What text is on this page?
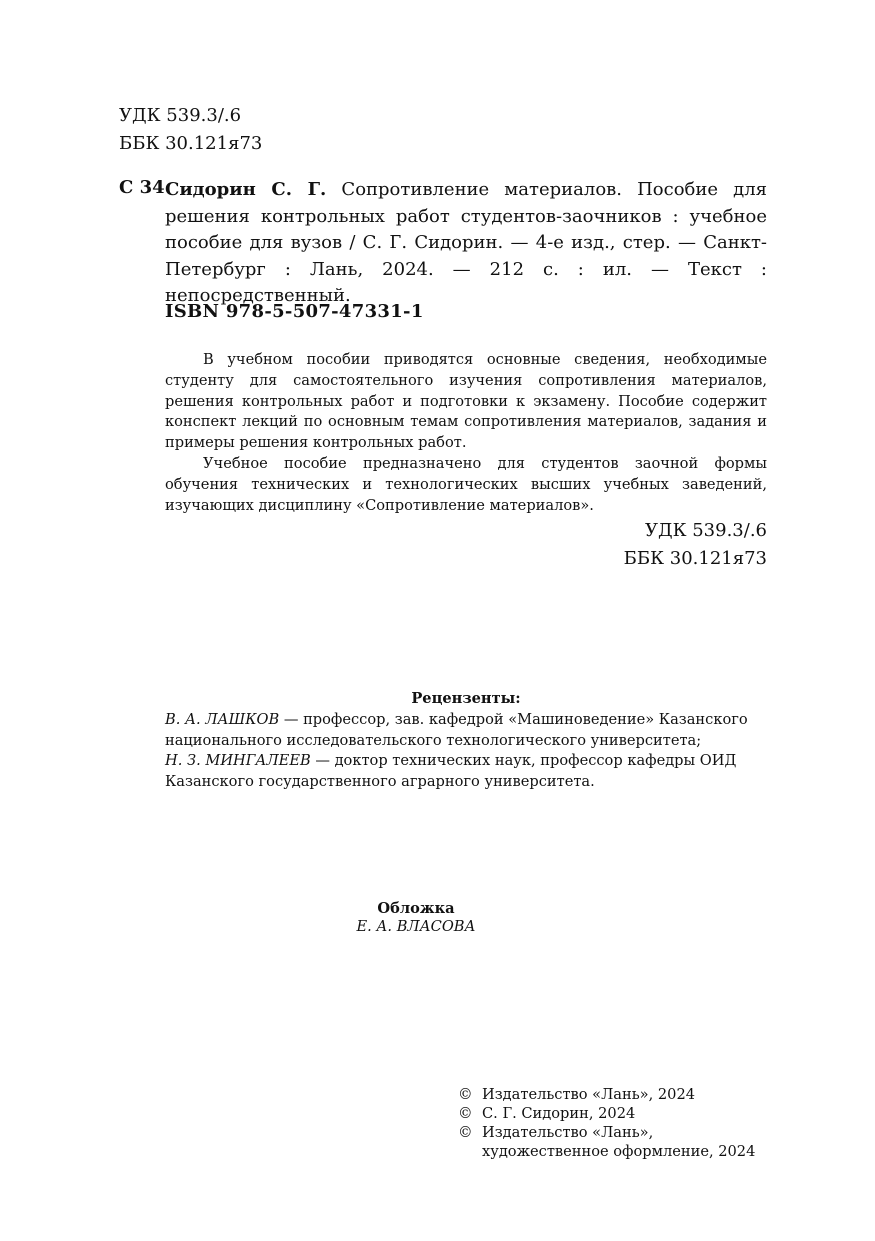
УДК 539.3/.6
ББК 30.121я73
С 34 Сидорин С. Г. Сопротивление материалов. Пособие для решения контрольных работ студентов-заочников : учебное пособие для вузов / С. Г. Сидорин. — 4-е изд., стер. — Санкт-Петербург : Лань, 2024. — 212 с. : ил. — Текст : непосредственный.
ISBN 978-5-507-47331-1

В учебном пособии приводятся основные сведения, необходимые студенту для самостоятельного изучения сопротивления материалов, решения контрольных работ и подготовки к экзамену. Пособие содержит конспект лекций по основным темам сопротивления материалов, задания и примеры решения контрольных работ.

Учебное пособие предназначено для студентов заочной формы обучения технических и технологических высших учебных заведений, изучающих дисциплину «Сопротивление материалов».

УДК 539.3/.6
ББК 30.121я73
Рецензенты:
В. А. ЛАШКОВ — профессор, зав. кафедрой «Машиноведение» Казанского национального исследовательского технологического университета;
Н. З. МИНГАЛЕЕВ — доктор технических наук, профессор кафедры ОИД Казанского государственного аграрного университета.
Обложка
Е. А. ВЛАСОВА
© Издательство «Лань», 2024
© С. Г. Сидорин, 2024
© Издательство «Лань»,
художественное оформление, 2024
